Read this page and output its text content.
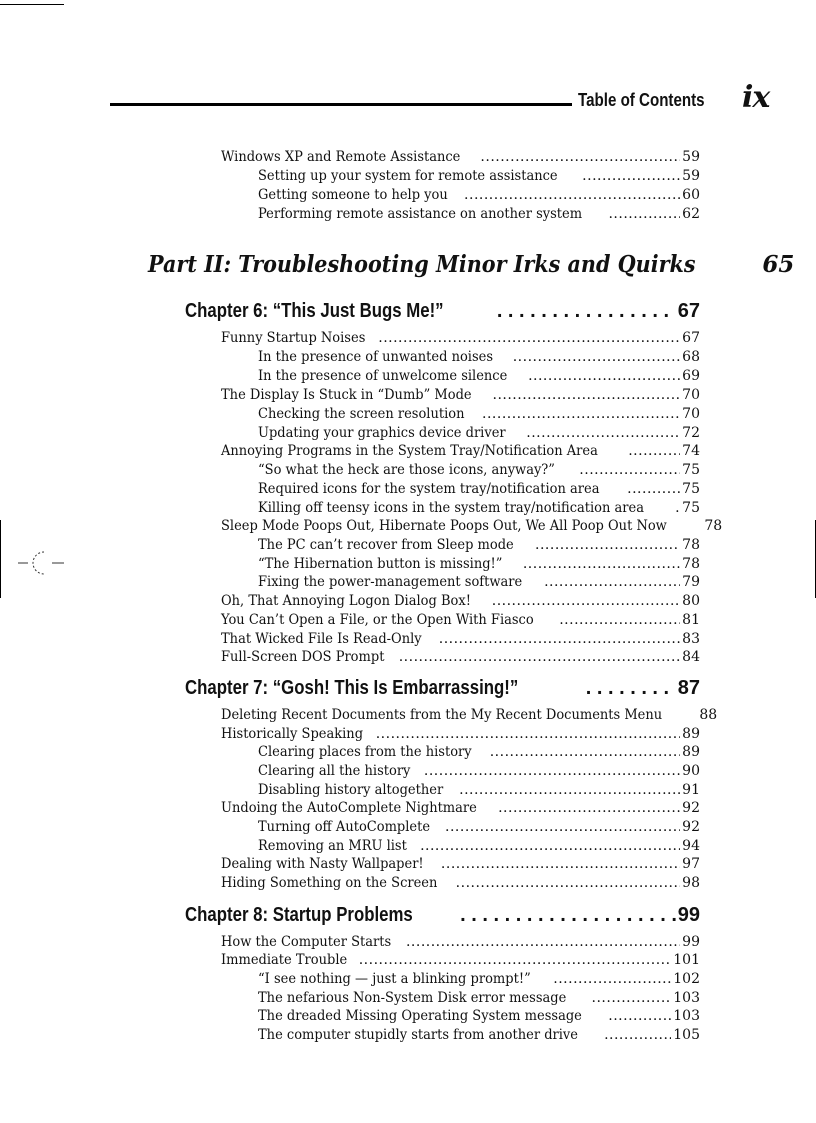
Table of Contents ix
Windows XP and Remote Assistance .....	59
Setting up your system for remote assistance .....	59
Getting someone to help you .....	60
Performing remote assistance on another system .....	62
Part II: Troubleshooting Minor Irks and Quirks	65
Chapter 6: “This Just Bugs Me!” . . .	67
Funny Startup Noises .....	67
In the presence of unwanted noises .....	68
In the presence of unwelcome silence .....	69
The Display Is Stuck in “Dumb” Mode .....	70
Checking the screen resolution .....	70
Updating your graphics device driver .....	72
Annoying Programs in the System Tray/Notification Area .....	74
“So what the heck are those icons, anyway?” .....	75
Required icons for the system tray/notification area .....	75
Killing off teensy icons in the system tray/notification area .....	75
Sleep Mode Poops Out, Hibernate Poops Out, We All Poop Out Now	78
The PC can’t recover from Sleep mode .....	78
“The Hibernation button is missing!” .....	78
Fixing the power-management software .....	79
Oh, That Annoying Logon Dialog Box! .....	80
You Can’t Open a File, or the Open With Fiasco .....	81
That Wicked File Is Read-Only .....	83
Full-Screen DOS Prompt .....	84
Chapter 7: “Gosh! This Is Embarrassing!” . . .	87
Deleting Recent Documents from the My Recent Documents Menu	88
Historically Speaking .....	89
Clearing places from the history .....	89
Clearing all the history .....	90
Disabling history altogether .....	91
Undoing the AutoComplete Nightmare .....	92
Turning off AutoComplete .....	92
Removing an MRU list .....	94
Dealing with Nasty Wallpaper! .....	97
Hiding Something on the Screen .....	98
Chapter 8: Startup Problems . . .	99
How the Computer Starts .....	99
Immediate Trouble .....	101
“I see nothing — just a blinking prompt!” .....	102
The nefarious Non-System Disk error message .....	103
The dreaded Missing Operating System message .....	103
The computer stupidly starts from another drive .....	105
